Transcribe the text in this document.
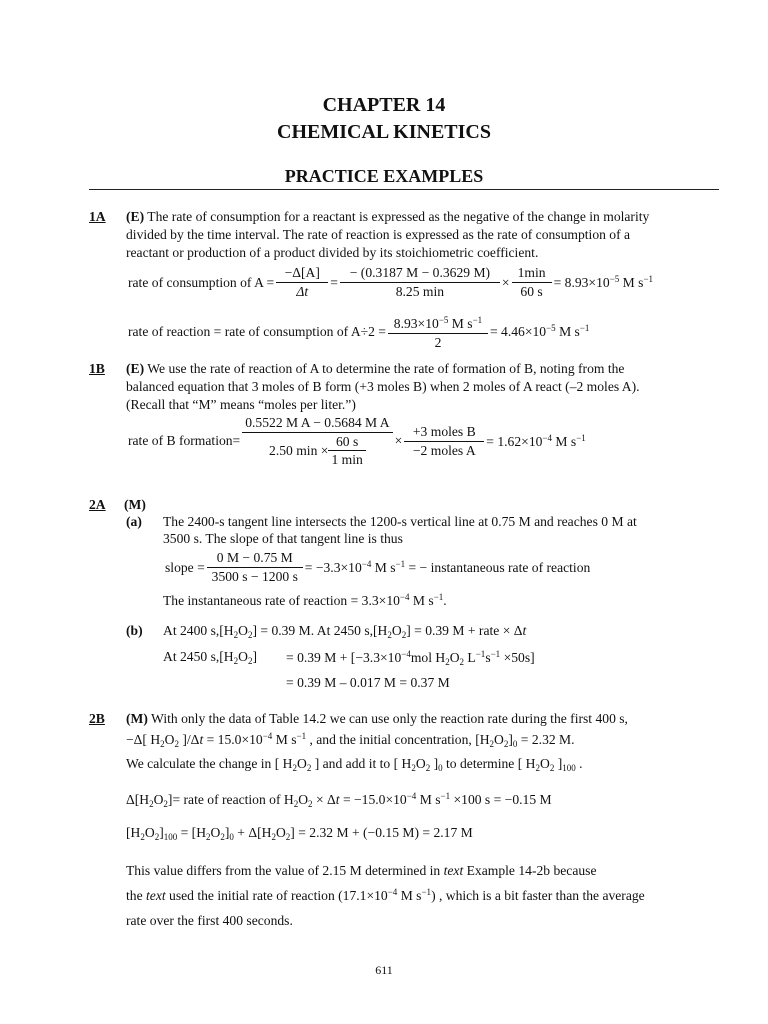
CHAPTER 14
CHEMICAL KINETICS
PRACTICE EXAMPLES
1A (E) The rate of consumption for a reactant is expressed as the negative of the change in molarity
divided by the time interval. The rate of reaction is expressed as the rate of consumption of a
reactant or production of a product divided by its stoichiometric coefficient.
rate of consumption of $A = \frac{-\Delta[A]}{\Delta t} = \frac{- (0.3187 M - 0.3629 M)}{8.25 \min} \times \frac{1\min}{60 s} = 8.93\times 10^{-5}$ M $s^{-1}$
rate of reaction = rate of consumption of $A\div 2 = \frac{8.93\times 10^{-5} M s^{-1}}{2} = 4.46\times 10^{-5}$ M $s^{-1}$
1B (E) We use the rate of reaction of A to determine the rate of formation of B, noting from the
balanced equation that 3 moles of B form (+3 moles B) when 2 moles of A react (–2 moles A).
(Recall that “M” means “moles per liter.”)
rate of B formation= $\frac{\text{0.5522 M A − 0.5684 M A}}{2.50 \min \times \frac{60 s}{1 \min}} \times \frac{\text{+3 moles B}}{\text{−2 moles A}} = 1.62\times 10^{-4}$ M $s^{-1}$
2A (M)
(a) The 2400-s tangent line intersects the 1200-s vertical line at 0.75 M and reaches 0 M at
3500 s. The slope of that tangent line is thus
slope = $\frac{0 M - 0.75 M}{3500 s - 1200 s} = -3.3\times 10^{-4}$ M $s^{-1}$ = − instantaneous rate of reaction
The instantaneous rate of reaction = $3.3\times 10^{-4}$ M $s^{-1}$.
(b) At 2400 $s,[H_2O_2] = 0.39$ M. At 2450 $s,[H_2O_2] = 0.39$ M + rate × Δt
At 2450 $s,[H_2O_2] = 0.39$ $M + [-3.3\times 10^{-4}mol$ $H_2O_2$ $L^{-1}s^{-1} \times 50s$]
= 0.39 M – 0.017 M = 0.37 M
2B (M) With only the data of Table 14.2 we can use only the reaction rate during the first 400 s,
−Δ[ $H_2O_2$ ]$/\Delta t = 15.0\times 10^{-4}$ M $s^{-1}$ , and the initial concentration, $[H_2O_2]_0 = 2.32$ M.
We calculate the change in [ $H_2O_2$ ] and add it to [ $H_2O_2$ ]$_0$ to determine [ $H_2O_2$ ]$_{100}$ .
$\Delta[H_2O_2]=$ rate of reaction of $H_2O_2 \times \Delta t = -15.0\times 10^{-4}$ M $s^{-1} \times 100$ s = −0.15 M
$[H_2O_2]_{100} = [H_2O_2]_0 + \Delta[H_2O_2] = 2.32$ M + (−0.15 M) = 2.17 M
This value differs from the value of 2.15 M determined in text Example 14-2b because
the text used the initial rate of reaction ($17.1\times 10^{-4}$ M $s^{-1}$) , which is a bit faster than the average
rate over the first 400 seconds.
611
